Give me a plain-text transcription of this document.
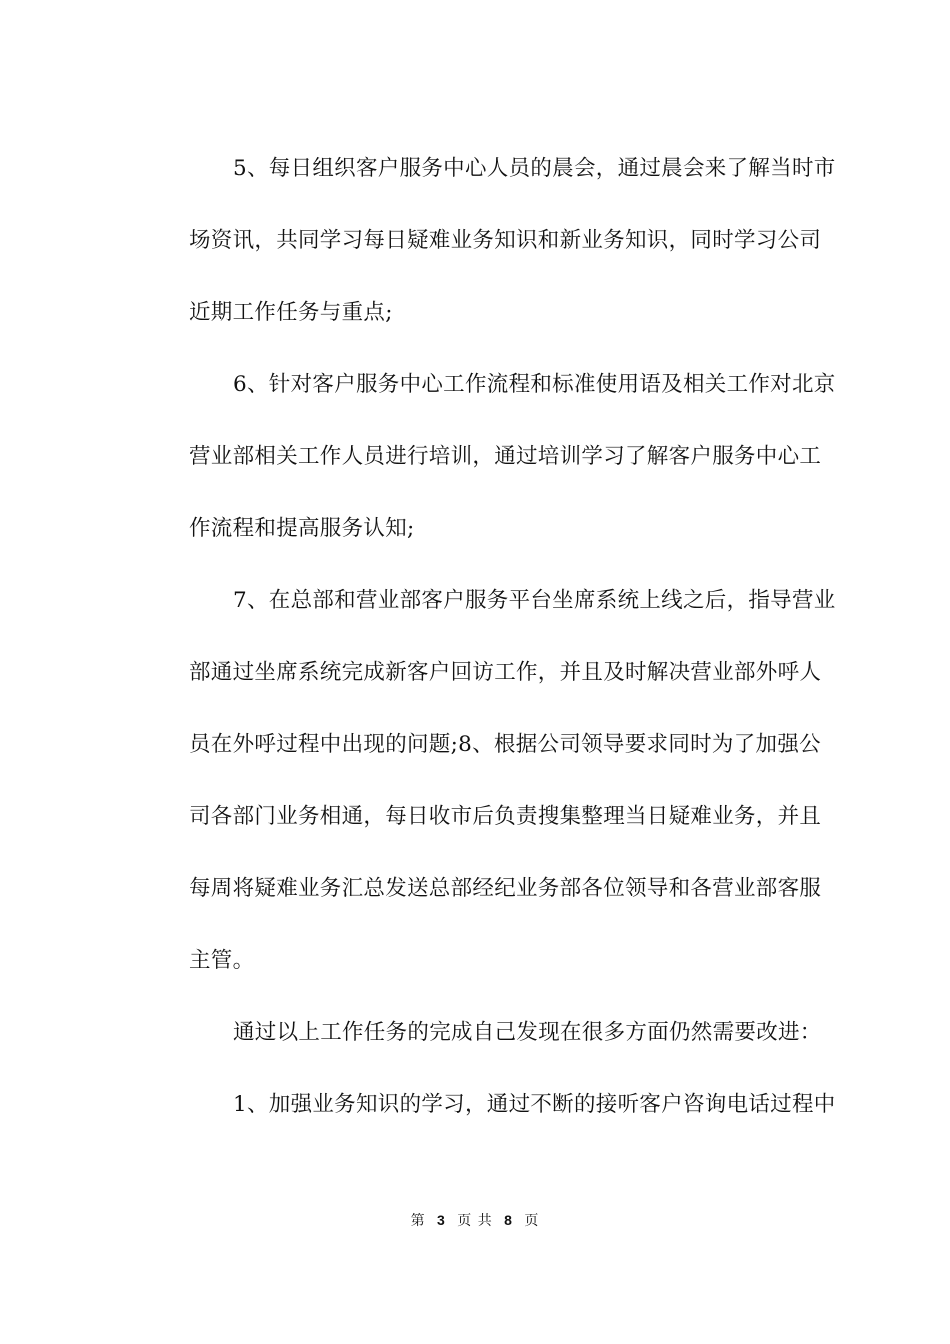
5、每日组织客户服务中心人员的晨会，通过晨会来了解当时市
场资讯，共同学习每日疑难业务知识和新业务知识，同时学习公司
近期工作任务与重点;
6、针对客户服务中心工作流程和标准使用语及相关工作对北京
营业部相关工作人员进行培训，通过培训学习了解客户服务中心工
作流程和提高服务认知;
7、在总部和营业部客户服务平台坐席系统上线之后，指导营业
部通过坐席系统完成新客户回访工作，并且及时解决营业部外呼人
员在外呼过程中出现的问题;8、根据公司领导要求同时为了加强公
司各部门业务相通，每日收市后负责搜集整理当日疑难业务，并且
每周将疑难业务汇总发送总部经纪业务部各位领导和各营业部客服
主管。
通过以上工作任务的完成自己发现在很多方面仍然需要改进：
1、加强业务知识的学习，通过不断的接听客户咨询电话过程中
第 3 页 共 8 页
